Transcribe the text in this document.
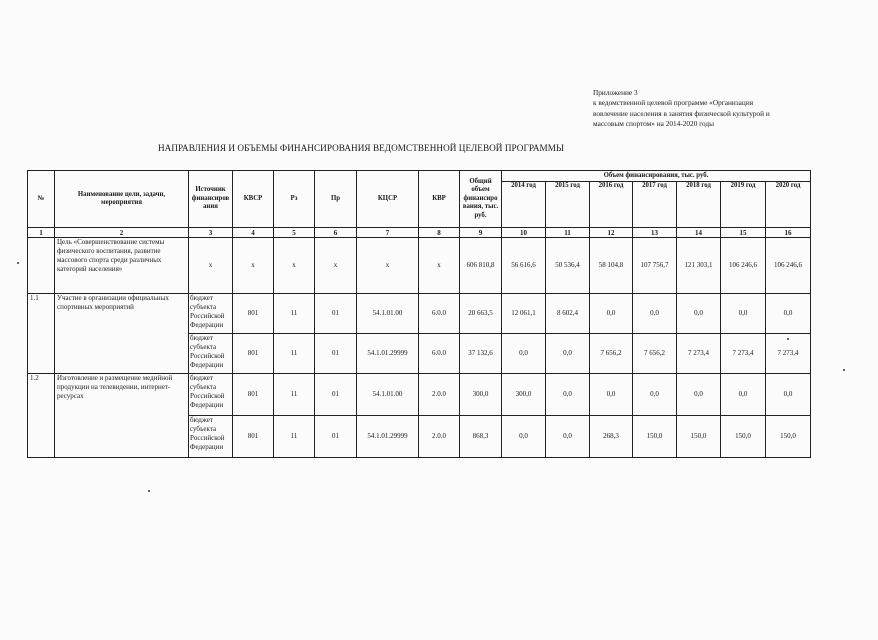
Приложение 3
к ведомственной целевой программе «Организация
вовлечение населения в занятия физической культурой и
массовым спортом» на 2014-2020 годы
НАПРАВЛЕНИЯ И ОБЪЕМЫ ФИНАНСИРОВАНИЯ ВЕДОМСТВЕННОЙ ЦЕЛЕВОЙ ПРОГРАММЫ
№	Наименование цели, задачи, мероприятия	Источник финансиров ания	КВСР	Рз	Пр	КЦСР	КВР	Общий объем финансиро вания, тыс. руб.	Объем финансирования, тыс. руб.						
									2014 год	2015 год	2016 год	2017 год	2018 год	2019 год	2020 год
1	2	3	4	5	6	7	8	9	10	11	12	13	14	15	16
	Цель «Совершенствование системы физического воспитания, развитие массового спорта среди различных категорий населения»	х	х	х	х	х	х	606 810,8	56 616,6	50 536,4	58 104,8	107 756,7	121 303,1	106 246,6	106 246,6
1.1	Участие в организации официальных спортивных мероприятий	бюджет субъекта Российской Федерации	801	11	01	54.1.01.00	6.0.0	20 663,5	12 061,1	8 602,4	0,0	0,0	0,0	0,0	0,0
		бюджет субъекта Российской Федерации	801	11	01	54.1.01.29999	6.0.0	37 132,6	0,0	0,0	7 656,2	7 656,2	7 273,4	7 273,4	7 273,4
1.2	Изготовление и размещение медийной продукции на телевидении, интернет-ресурсах	бюджет субъекта Российской Федерации	801	11	01	54.1.01.00	2.0.0	300,0	300,0	0,0	0,0	0,0	0,0	0,0	0,0
		бюджет субъекта Российской Федерации	801	11	01	54.1.01.29999	2.0.0	868,3	0,0	0,0	268,3	150,0	150,0	150,0	150,0
